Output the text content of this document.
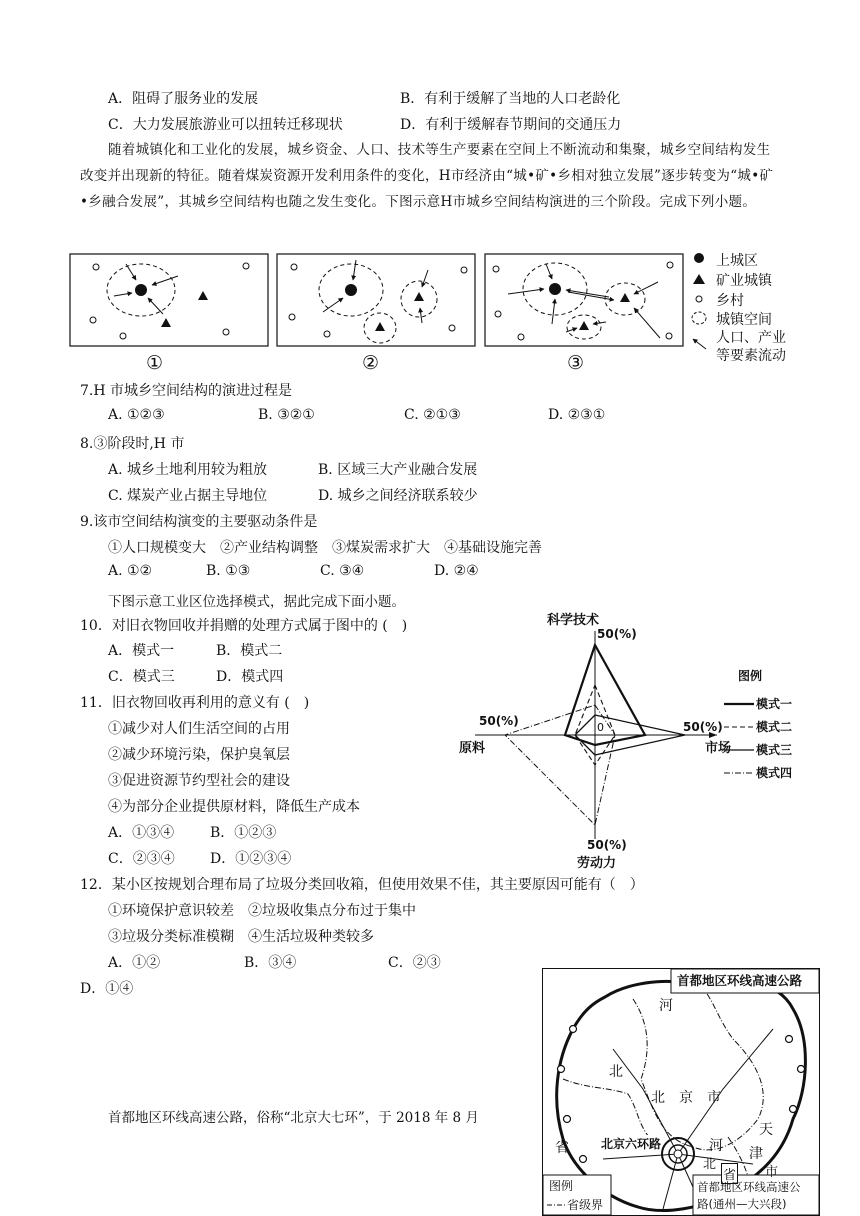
A．阻碍了服务业的发展	B．有利于缓解了当地的人口老龄化
C．大力发展旅游业可以扭转迁移现状	D．有利于缓解春节期间的交通压力
随着城镇化和工业化的发展，城乡资金、人口、技术等生产要素在空间上不断流动和集聚，城乡空间结构发生改变并出现新的特征。随着煤炭资源开发利用条件的变化，H市经济由“城•矿•乡相对独立发展”逐步转变为“城•矿•乡融合发展”，其城乡空间结构也随之发生变化。下图示意H市城乡空间结构演进的三个阶段。完成下列小题。
上城区
矿业城镇
乡村
城镇空间
人口、产业
等要素流动
①	②	③
7.H 市城乡空间结构的演进过程是
A. ①②③	B. ③②①	C. ②①③	D. ②③①
8.③阶段时,H 市
A. 城乡土地利用较为粗放	B. 区域三大产业融合发展
C. 煤炭产业占据主导地位	D. 城乡之间经济联系较少
9.该市空间结构演变的主要驱动条件是
①人口规模变大　②产业结构调整　③煤炭需求扩大　④基础设施完善
A. ①②	B. ①③	C. ③④	D. ②④
下图示意工业区位选择模式，据此完成下面小题。
10．对旧衣物回收并捐赠的处理方式属于图中的 (　)
A．模式一	B．模式二
C．模式三	D．模式四
11．旧衣物回收再利用的意义有 (　)
①减少对人们生活空间的占用
②减少环境污染，保护臭氧层
③促进资源节约型社会的建设
④为部分企业提供原材料，降低生产成本
A．①③④	B．①②③
C．②③④	D．①②③④
科学技术
市场
劳动力
原料
50(%)
50(%)
50(%)
50(%)	0
图例
模式一
模式二
模式三
模式四
12．某小区按规划合理布局了垃圾分类回收箱，但使用效果不佳，其主要原因可能有（　）
①环境保护意识较差　②垃圾收集点分布过于集中
③垃圾分类标准模糊　④生活垃圾种类较多
A．①②	B．③④	C．②③
D．①④
首都地区环线高速公路，俗称“北京大七环”，于 2018 年 8 月
首都地区环线高速公路
河
北
北 京 市
省	北京六环路	河
北
省
天
津
市
图例
省级界
首都地区环线高速公
路(通州—大兴段)
